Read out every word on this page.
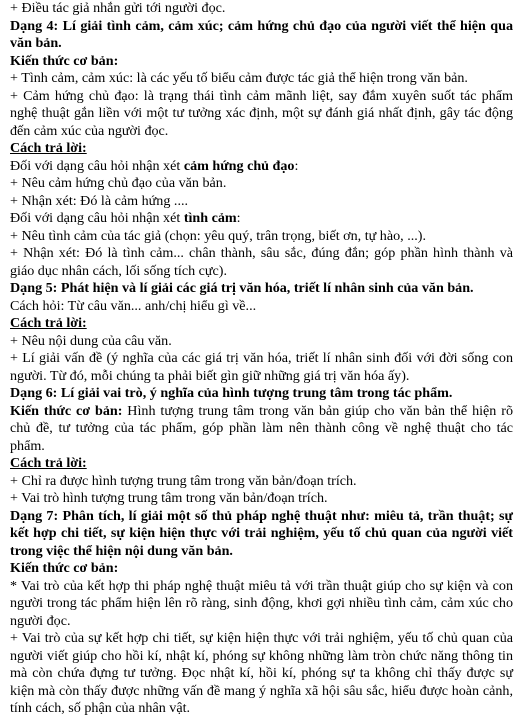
+ Điều tác giả nhắn gửi tới người đọc.
Dạng 4: Lí giải tình cảm, cảm xúc; cảm hứng chủ đạo của người viết thể hiện qua văn bản.
Kiến thức cơ bản:
+ Tình cảm, cảm xúc: là các yếu tố biểu cảm được tác giả thể hiện trong văn bản.
+ Cảm hứng chủ đạo: là trạng thái tình cảm mãnh liệt, say đắm xuyên suốt tác phẩm nghệ thuật gắn liền với một tư tưởng xác định, một sự đánh giá nhất định, gây tác động đến cảm xúc của người đọc.
Cách trả lời:
Đối với dạng câu hỏi nhận xét cảm hứng chủ đạo:
+ Nêu cảm hứng chủ đạo của văn bản.
+ Nhận xét: Đó là cảm hứng ....
Đối với dạng câu hỏi nhận xét tình cảm:
+ Nêu tình cảm của tác giả (chọn: yêu quý, trân trọng, biết ơn, tự hào, ...).
+ Nhận xét: Đó là tình cảm... chân thành, sâu sắc, đúng đắn; góp phần hình thành và giáo dục nhân cách, lối sống tích cực).
Dạng 5: Phát hiện và lí giải các giá trị văn hóa, triết lí nhân sinh của văn bản.
Cách hỏi: Từ câu văn... anh/chị hiểu gì về...
Cách trả lời:
+ Nêu nội dung của câu văn.
+ Lí giải vấn đề (ý nghĩa của các giá trị văn hóa, triết lí nhân sinh đối với đời sống con người. Từ đó, mỗi chúng ta phải biết gìn giữ những giá trị văn hóa ấy).
Dạng 6: Lí giải vai trò, ý nghĩa của hình tượng trung tâm trong tác phẩm.
Kiến thức cơ bản: Hình tượng trung tâm trong văn bản giúp cho văn bản thể hiện rõ chủ đề, tư tưởng của tác phẩm, góp phần làm nên thành công về nghệ thuật cho tác phẩm.
Cách trả lời:
+ Chỉ ra được hình tượng trung tâm trong văn bản/đoạn trích.
+ Vai trò hình tượng trung tâm trong văn bản/đoạn trích.
Dạng 7: Phân tích, lí giải một số thủ pháp nghệ thuật như: miêu tả, trần thuật; sự kết hợp chi tiết, sự kiện hiện thực với trải nghiệm, yếu tố chủ quan của người viết trong việc thể hiện nội dung văn bản.
Kiến thức cơ bản:
* Vai trò của kết hợp thi pháp nghệ thuật miêu tả với trần thuật giúp cho sự kiện và con người trong tác phẩm hiện lên rõ ràng, sinh động, khơi gợi nhiều tình cảm, cảm xúc cho người đọc.
+ Vai trò của sự kết hợp chi tiết, sự kiện hiện thực với trải nghiệm, yếu tố chủ quan của người viết giúp cho hồi kí, nhật kí, phóng sự không những làm tròn chức năng thông tin mà còn chứa đựng tư tưởng. Đọc nhật kí, hồi kí, phóng sự ta không chỉ thấy được sự kiện mà còn thấy được những vấn đề mang ý nghĩa xã hội sâu sắc, hiểu được hoàn cảnh, tính cách, số phận của nhân vật.
